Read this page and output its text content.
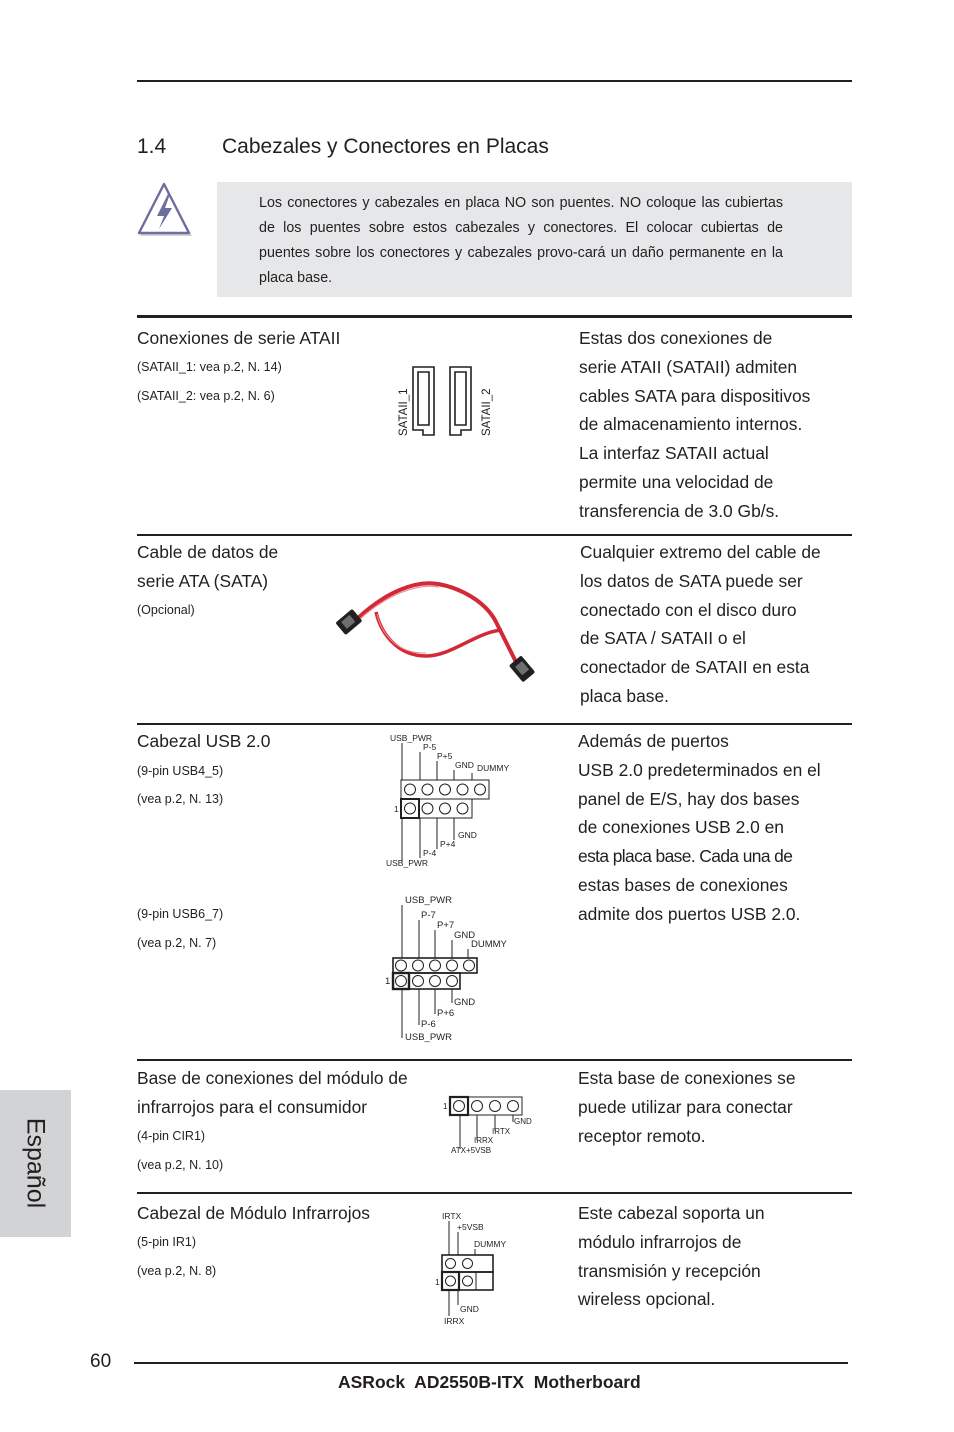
1.4	Cabezales y Conectores en Placas
Los conectores y cabezales en placa NO son puentes. NO coloque las cubiertas de los puentes sobre estos cabezales y conectores. El colocar cubiertas de puentes sobre los conectores y cabezales provo-cará un daño permanente en la placa base.
Conexiones de serie ATAII
(SATAII_1: vea p.2, N. 14)
(SATAII_2: vea p.2, N. 6)	SATAII_1	SATAII_2
Estas dos conexiones de
serie ATAII (SATAII) admiten
cables SATA para dispositivos
de almacenamiento internos.
La interfaz SATAII actual
permite una velocidad de
transferencia de 3.0 Gb/s.
Cable de datos de
serie ATA (SATA)
(Opcional)
Cualquier extremo del cable de
los datos de SATA puede ser
conectado con el disco duro
de SATA / SATAII o el
conectador de SATAII en esta
placa base.
Cabezal USB 2.0
(9-pin USB4_5)
(vea p.2, N. 13)
(9-pin USB6_7)
(vea p.2, N. 7)
USB_PWR
P-5
P+5
GND DUMMY
1
GND
P+4
P-4
USB_PWR
USB_PWR
P-7
P+7
GND
DUMMY
1
GND
P+6
P-6
USB_PWR
Además de puertos
USB 2.0 predeterminados en el
panel de E/S, hay dos bases
de conexiones USB 2.0 en
esta placa base. Cada una de
estas bases de conexiones
admite dos puertos USB 2.0.
Base de conexiones del módulo de
infrarrojos para el consumidor
(4-pin CIR1)
(vea p.2, N. 10)
1
GND
IRTX
IRRX
ATX+5VSB
Esta base de conexiones se
puede utilizar para conectar
receptor remoto.
Cabezal de Módulo Infrarrojos
(5-pin IR1)
(vea p.2, N. 8)
IRTX
+5VSB
DUMMY
1
GND
IRRX
Este cabezal soporta un
módulo infrarrojos de
transmisión y recepción
wireless opcional.
Español
60
ASRock  AD2550B-ITX  Motherboard
